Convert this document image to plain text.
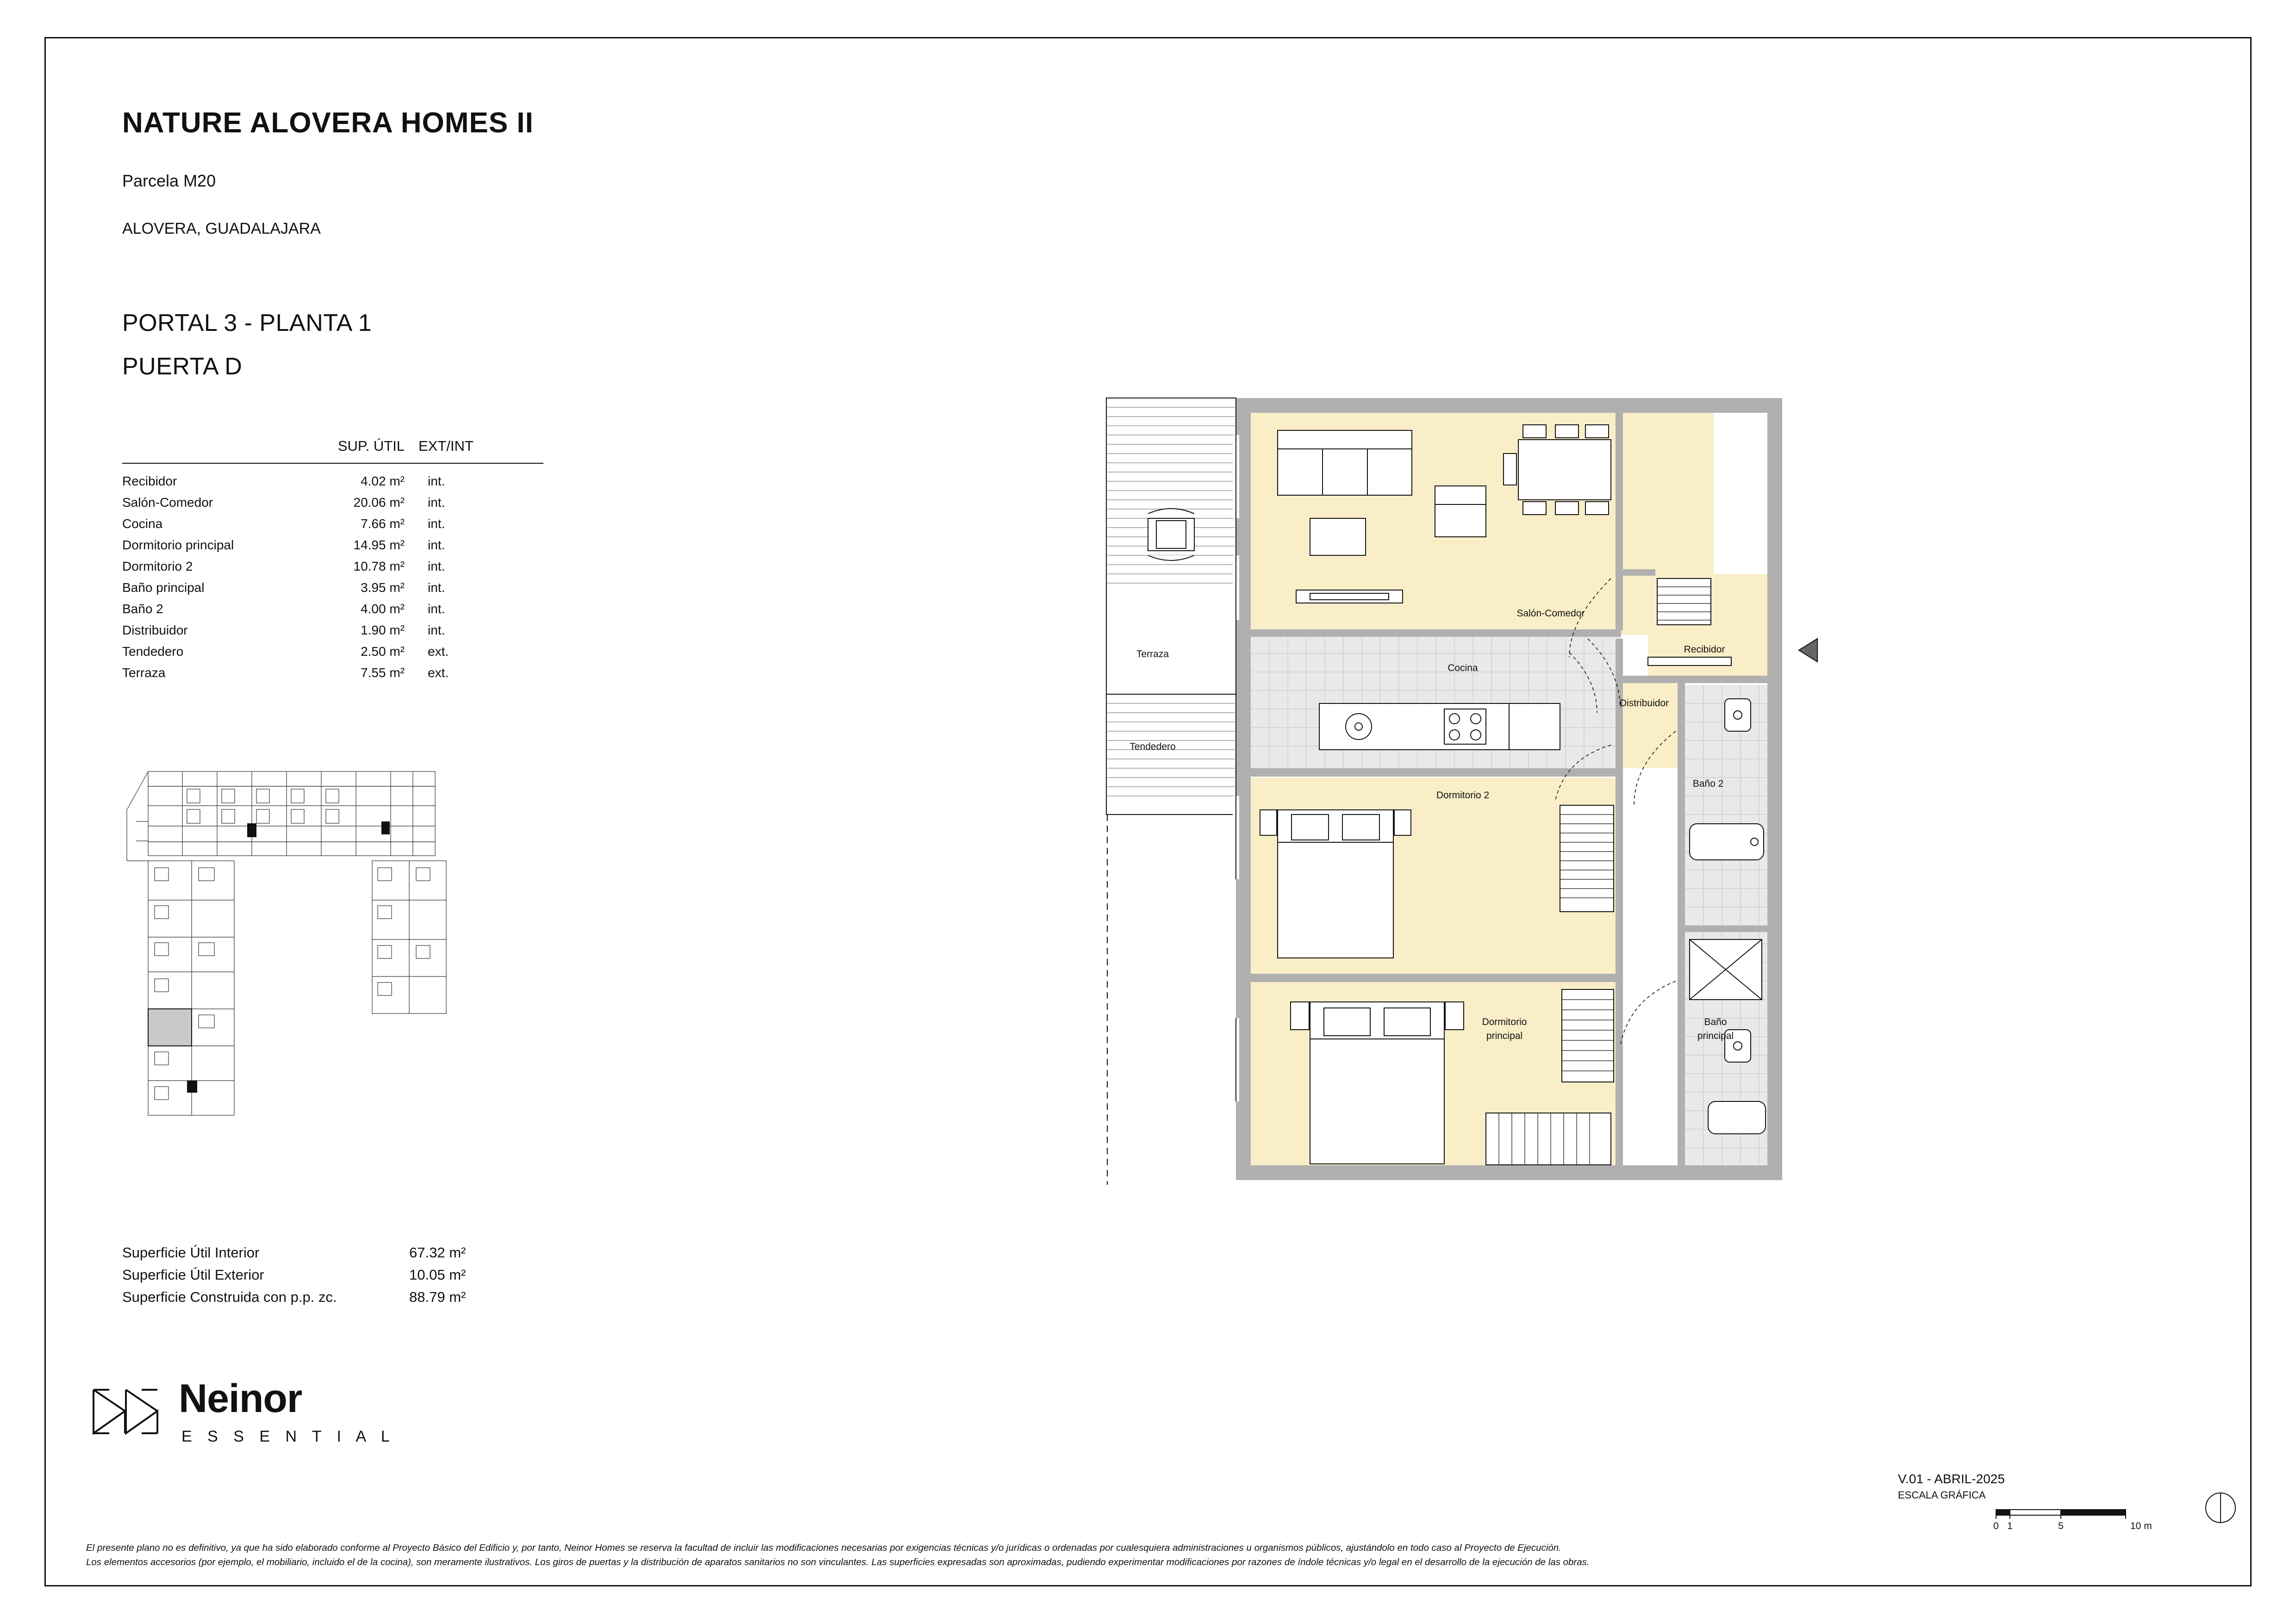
NATURE ALOVERA HOMES II
Parcela M20
ALOVERA, GUADALAJARA
PORTAL 3 - PLANTA 1
PUERTA D
SUP. ÚTIL EXT/INT
Recibidor	4.02 m² int.
Salón-Comedor	20.06 m² int.
Cocina	7.66 m² int.
Dormitorio principal	14.95 m² int.
Dormitorio 2	10.78 m² int.
Baño principal	3.95 m² int.
Baño 2	4.00 m² int.
Distribuidor	1.90 m² int.
Tendedero	2.50 m² ext.
Terraza	7.55 m² ext.
Superficie Útil Interior	67.32 m²
Superficie Útil Exterior	10.05 m²
Superficie Construida con p.p. zc.	88.79 m²
Neinor
E S S E N T I A L
V.01 - ABRIL-2025
ESCALA GRÁFICA
0 1	5	10 m
Terraza
Tendedero
Salón-Comedor
Cocina
Recibidor
Distribuidor
Dormitorio 2
Dormitorio
principal
Baño 2
Baño
principal
El presente plano no es definitivo, ya que ha sido elaborado conforme al Proyecto Básico del Edificio y, por tanto, Neinor Homes se reserva la facultad de incluir las modificaciones necesarias por exigencias técnicas y/o jurídicas o ordenadas por cualesquiera administraciones u organismos públicos, ajustándolo en todo caso al Proyecto de Ejecución.
Los elementos accesorios (por ejemplo, el mobiliario, incluido el de la cocina), son meramente ilustrativos. Los giros de puertas y la distribución de aparatos sanitarios no son vinculantes. Las superficies expresadas son aproximadas, pudiendo experimentar modificaciones por razones de índole técnicas y/o legal en el desarrollo de la ejecución de las obras.
